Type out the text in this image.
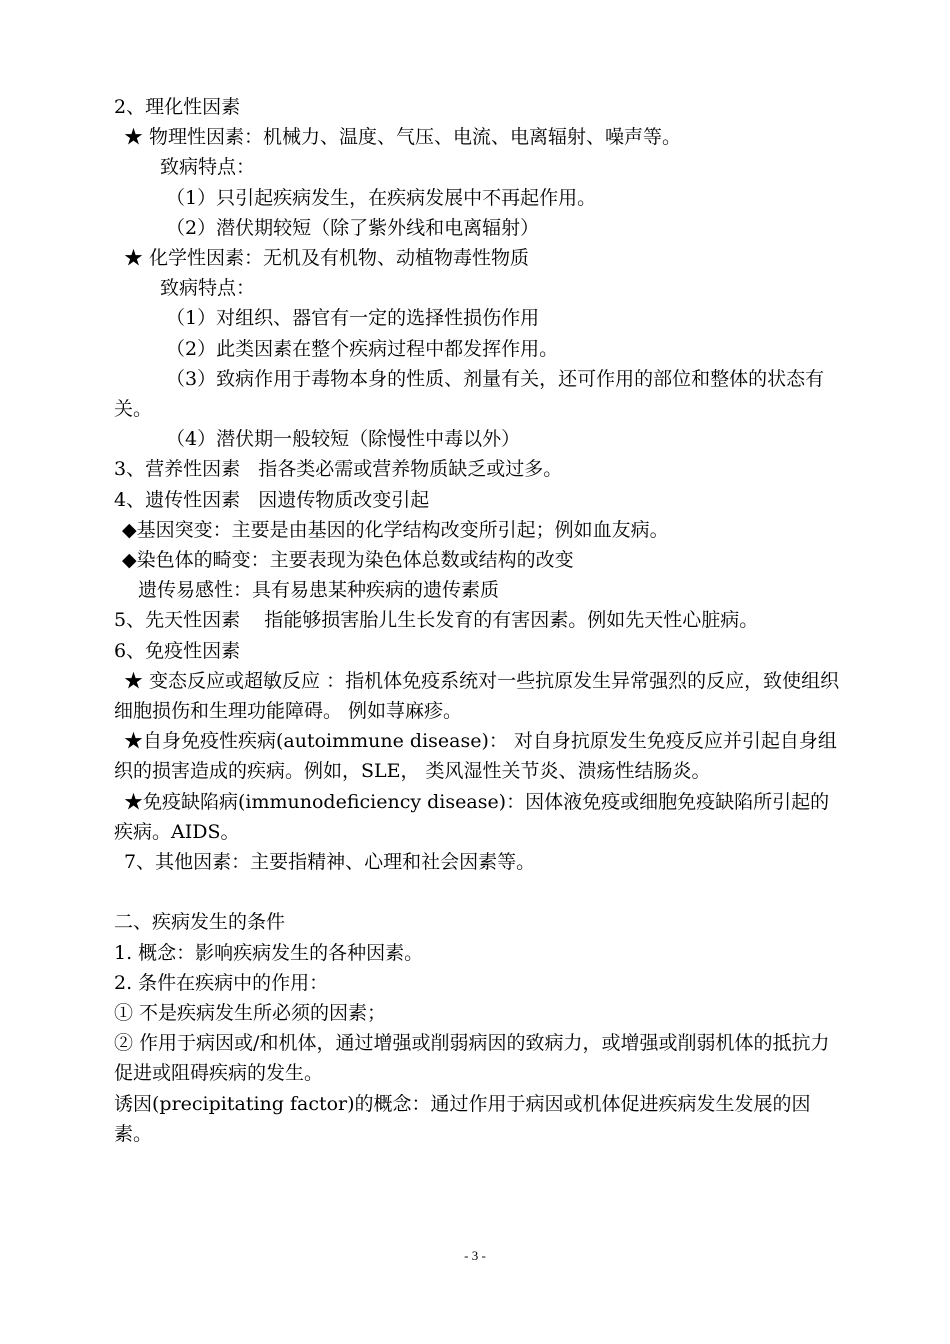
2、理化性因素
★ 物理性因素：机械力、温度、气压、电流、电离辐射、噪声等。
致病特点：
（1）只引起疾病发生，在疾病发展中不再起作用。
（2）潜伏期较短（除了紫外线和电离辐射）
★ 化学性因素：无机及有机物、动植物毒性物质
致病特点：
（1）对组织、器官有一定的选择性损伤作用
（2）此类因素在整个疾病过程中都发挥作用。
（3）致病作用于毒物本身的性质、剂量有关，还可作用的部位和整体的状态有关。
（4）潜伏期一般较短（除慢性中毒以外）
3、营养性因素   指各类必需或营养物质缺乏或过多。
4、遗传性因素   因遗传物质改变引起
◆基因突变：主要是由基因的化学结构改变所引起；例如血友病。
◆染色体的畸变：主要表现为染色体总数或结构的改变
遗传易感性：具有易患某种疾病的遗传素质
5、先天性因素    指能够损害胎儿生长发育的有害因素。例如先天性心脏病。
6、免疫性因素
★ 变态反应或超敏反应 ：指机体免疫系统对一些抗原发生异常强烈的反应，致使组织细胞损伤和生理功能障碍。 例如荨麻疹。
★自身免疫性疾病(autoimmune disease)： 对自身抗原发生免疫反应并引起自身组织的损害造成的疾病。例如，SLE， 类风湿性关节炎、溃疡性结肠炎。
★免疫缺陷病(immunodeficiency disease)：因体液免疫或细胞免疫缺陷所引起的疾病。AIDS。
7、其他因素：主要指精神、心理和社会因素等。
二、疾病发生的条件
1. 概念：影响疾病发生的各种因素。
2. 条件在疾病中的作用：
① 不是疾病发生所必须的因素；
② 作用于病因或/和机体，通过增强或削弱病因的致病力，或增强或削弱机体的抵抗力促进或阻碍疾病的发生。
诱因(precipitating factor)的概念：通过作用于病因或机体促进疾病发生发展的因素。
- 3 -
